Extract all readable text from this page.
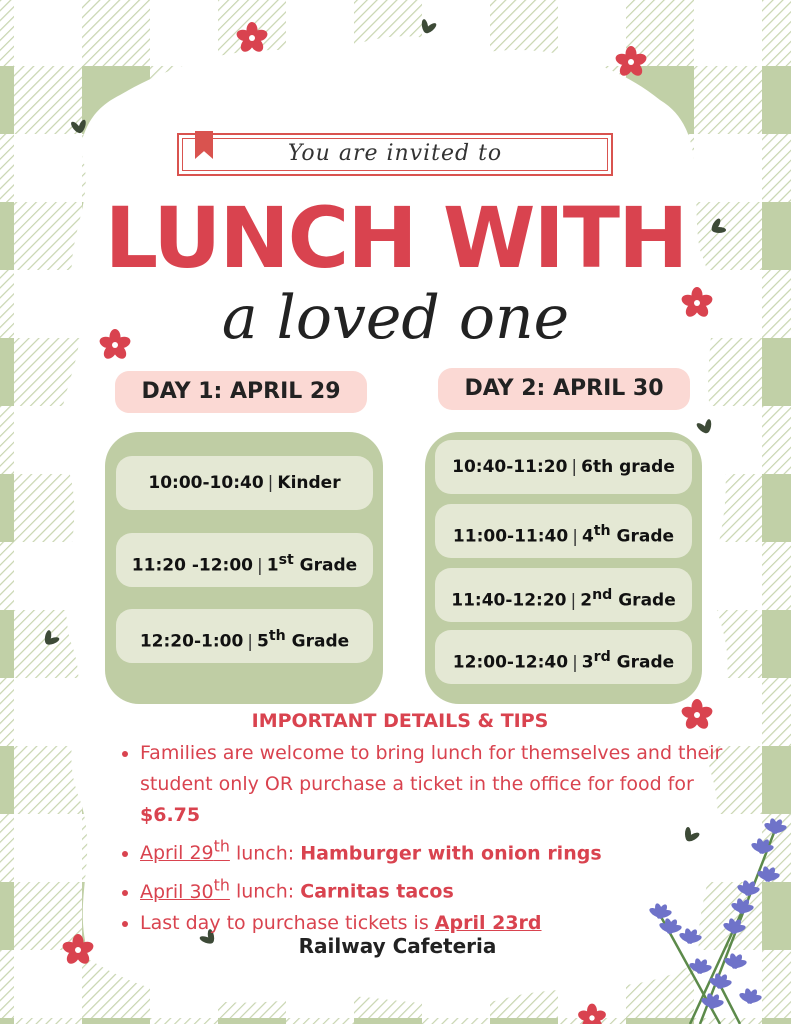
You are invited to
LUNCH WITH
a loved one
DAY 1: APRIL 29	DAY 2: APRIL 30
10:00-10:40 | Kinder
11:20 -12:00 | 1st Grade
12:20-1:00 | 5th Grade
10:40-11:20 | 6th grade
11:00-11:40 | 4th Grade
11:40-12:20 | 2nd Grade
12:00-12:40 | 3rd Grade
IMPORTANT DETAILS & TIPS
• Families are welcome to bring lunch for themselves and their student only OR purchase a ticket in the office for food for $6.75
• April 29th lunch: Hamburger with onion rings
• April 30th lunch: Carnitas tacos
• Last day to purchase tickets is April 23rd
Railway Cafeteria
